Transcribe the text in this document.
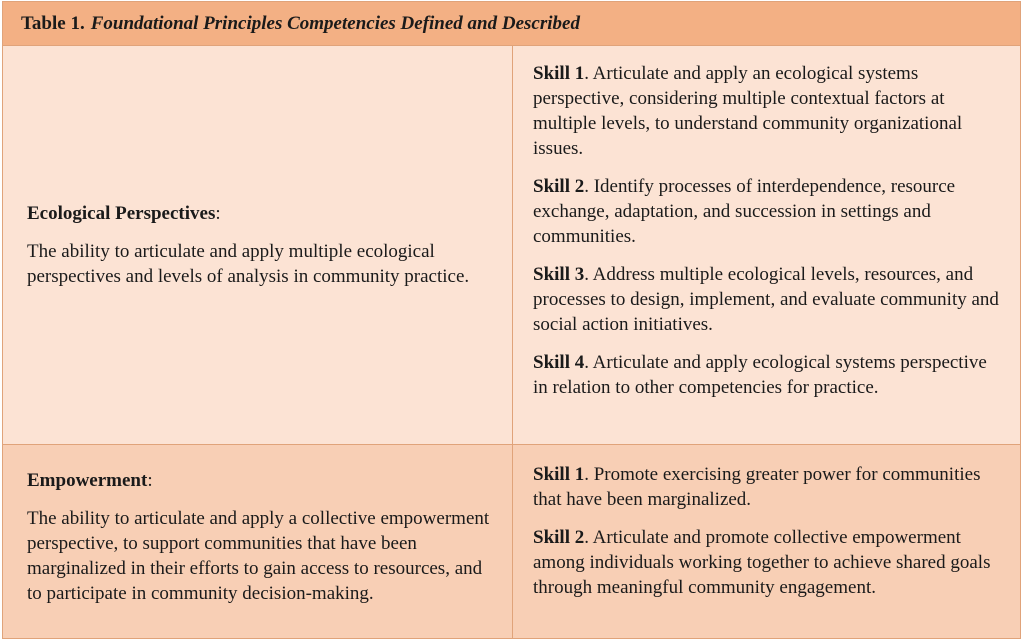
Table 1. Foundational Principles Competencies Defined and Described

Ecological Perspectives:

The ability to articulate and apply multiple ecological perspectives and levels of analysis in community practice.

Skill 1. Articulate and apply an ecological systems perspective, considering multiple contextual factors at multiple levels, to understand community organizational issues.

Skill 2. Identify processes of interdependence, resource exchange, adaptation, and succession in settings and communities.

Skill 3. Address multiple ecological levels, resources, and processes to design, implement, and evaluate community and social action initiatives.

Skill 4. Articulate and apply ecological systems perspective in relation to other competencies for practice.

Empowerment:

The ability to articulate and apply a collective empowerment perspective, to support communities that have been marginalized in their efforts to gain access to resources, and to participate in community decision-making.

Skill 1. Promote exercising greater power for communities that have been marginalized.

Skill 2. Articulate and promote collective empowerment among individuals working together to achieve shared goals through meaningful community engagement.
